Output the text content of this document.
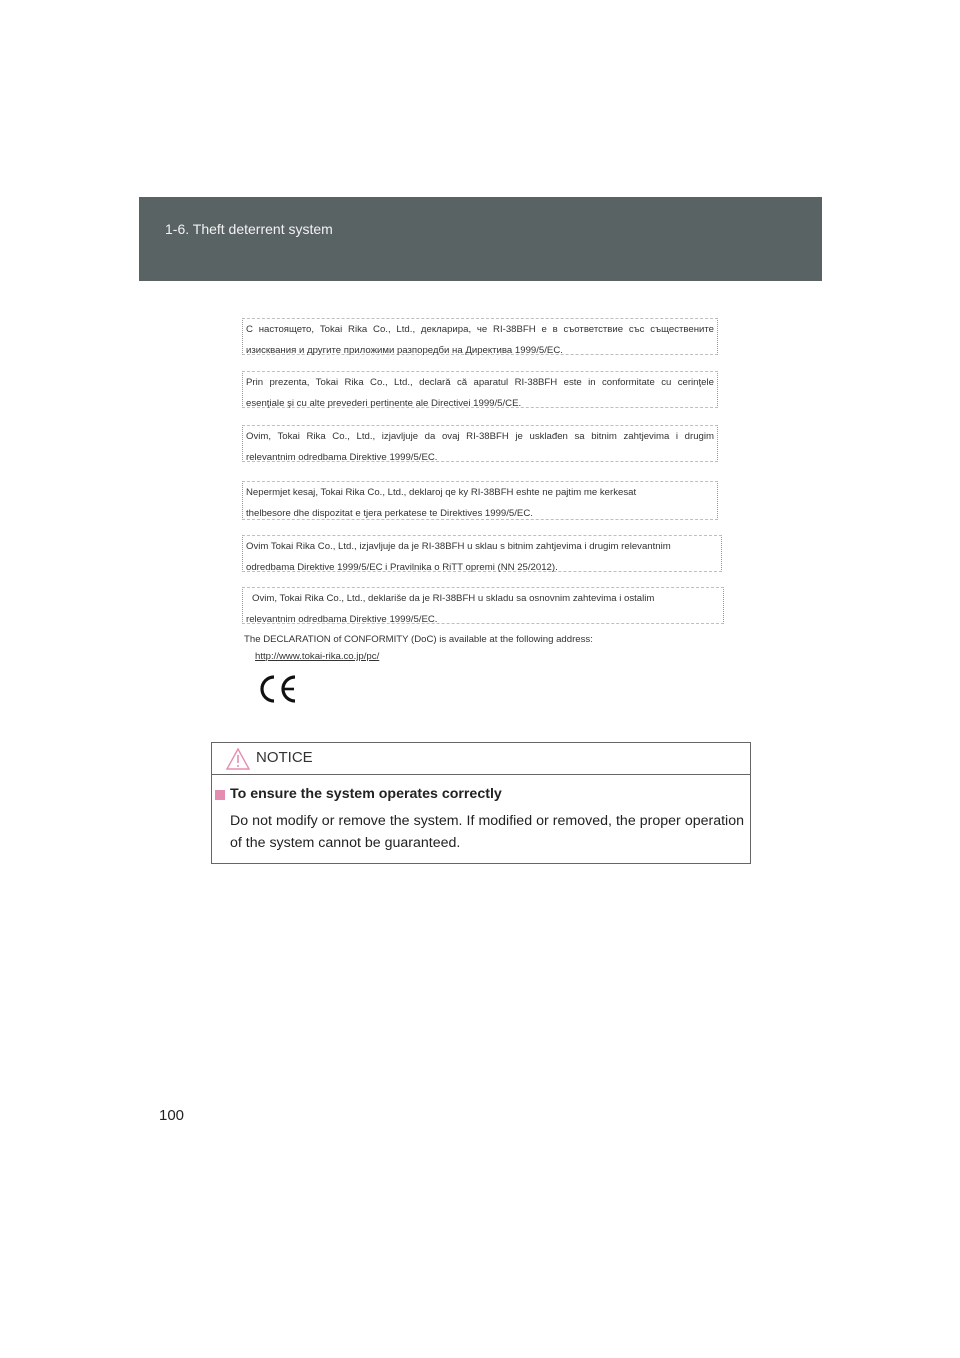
1-6. Theft deterrent system
С настоящето, Tokai Rika Co., Ltd., декларира, че RI-38BFH е в съответствие със съществените
изисквания и другите приложими разпоредби на Директива 1999/5/ЕС.
Prin prezenta, Tokai Rika Co., Ltd., declară că aparatul RI-38BFH este in conformitate cu cerinţele
esenţiale şi cu alte prevederi pertinente ale Directivei 1999/5/CE.
Ovim, Tokai Rika Co., Ltd., izjavljuje da ovaj RI-38BFH je usklađen sa bitnim zahtjevima i drugim
relevantnim odredbama Direktive 1999/5/EC.
Nepermjet kesaj, Tokai Rika Co., Ltd., deklaroj qe ky RI-38BFH eshte ne pajtim me kerkesat
thelbesore dhe dispozitat e tjera perkatese te Direktives 1999/5/EC.
Ovim Tokai Rika Co., Ltd., izjavljuje da je RI-38BFH u sklau s bitnim zahtjevima i drugim relevantnim
odredbama Direktive 1999/5/EC i Pravilnika o RiTT opremi (NN 25/2012).
Ovim, Tokai Rika Co., Ltd., deklariše da je RI-38BFH u skladu sa osnovnim zahtevima i ostalim
relevantnim odredbama Direktive 1999/5/EC.
The DECLARATION of CONFORMITY (DoC) is available at the following address:
http://www.tokai-rika.co.jp/pc/
NOTICE
To ensure the system operates correctly
Do not modify or remove the system. If modified or removed, the proper operation of the system cannot be guaranteed.
100
